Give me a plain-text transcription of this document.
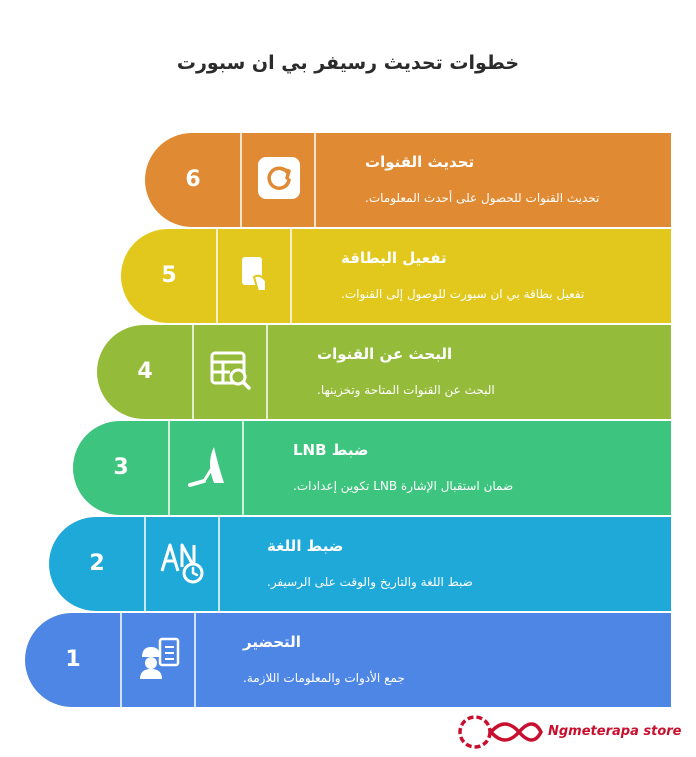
خطوات تحديث رسيفر بي ان سبورت
6
تحديث القنوات
تحديث القنوات للحصول على أحدث المعلومات.
5
تفعيل البطاقة
تفعيل بطاقة بي ان سبورت للوصول إلى القنوات.
4
البحث عن القنوات
البحث عن القنوات المتاحة وتخزينها.
3
ضبط LNB
ضمان استقبال الإشارة LNB تكوين إعدادات.
2
ضبط اللغة
ضبط اللغة والتاريخ والوقت على الرسيفر.
1
التحضير
جمع الأدوات والمعلومات اللازمة.
Ngmeterapa store
